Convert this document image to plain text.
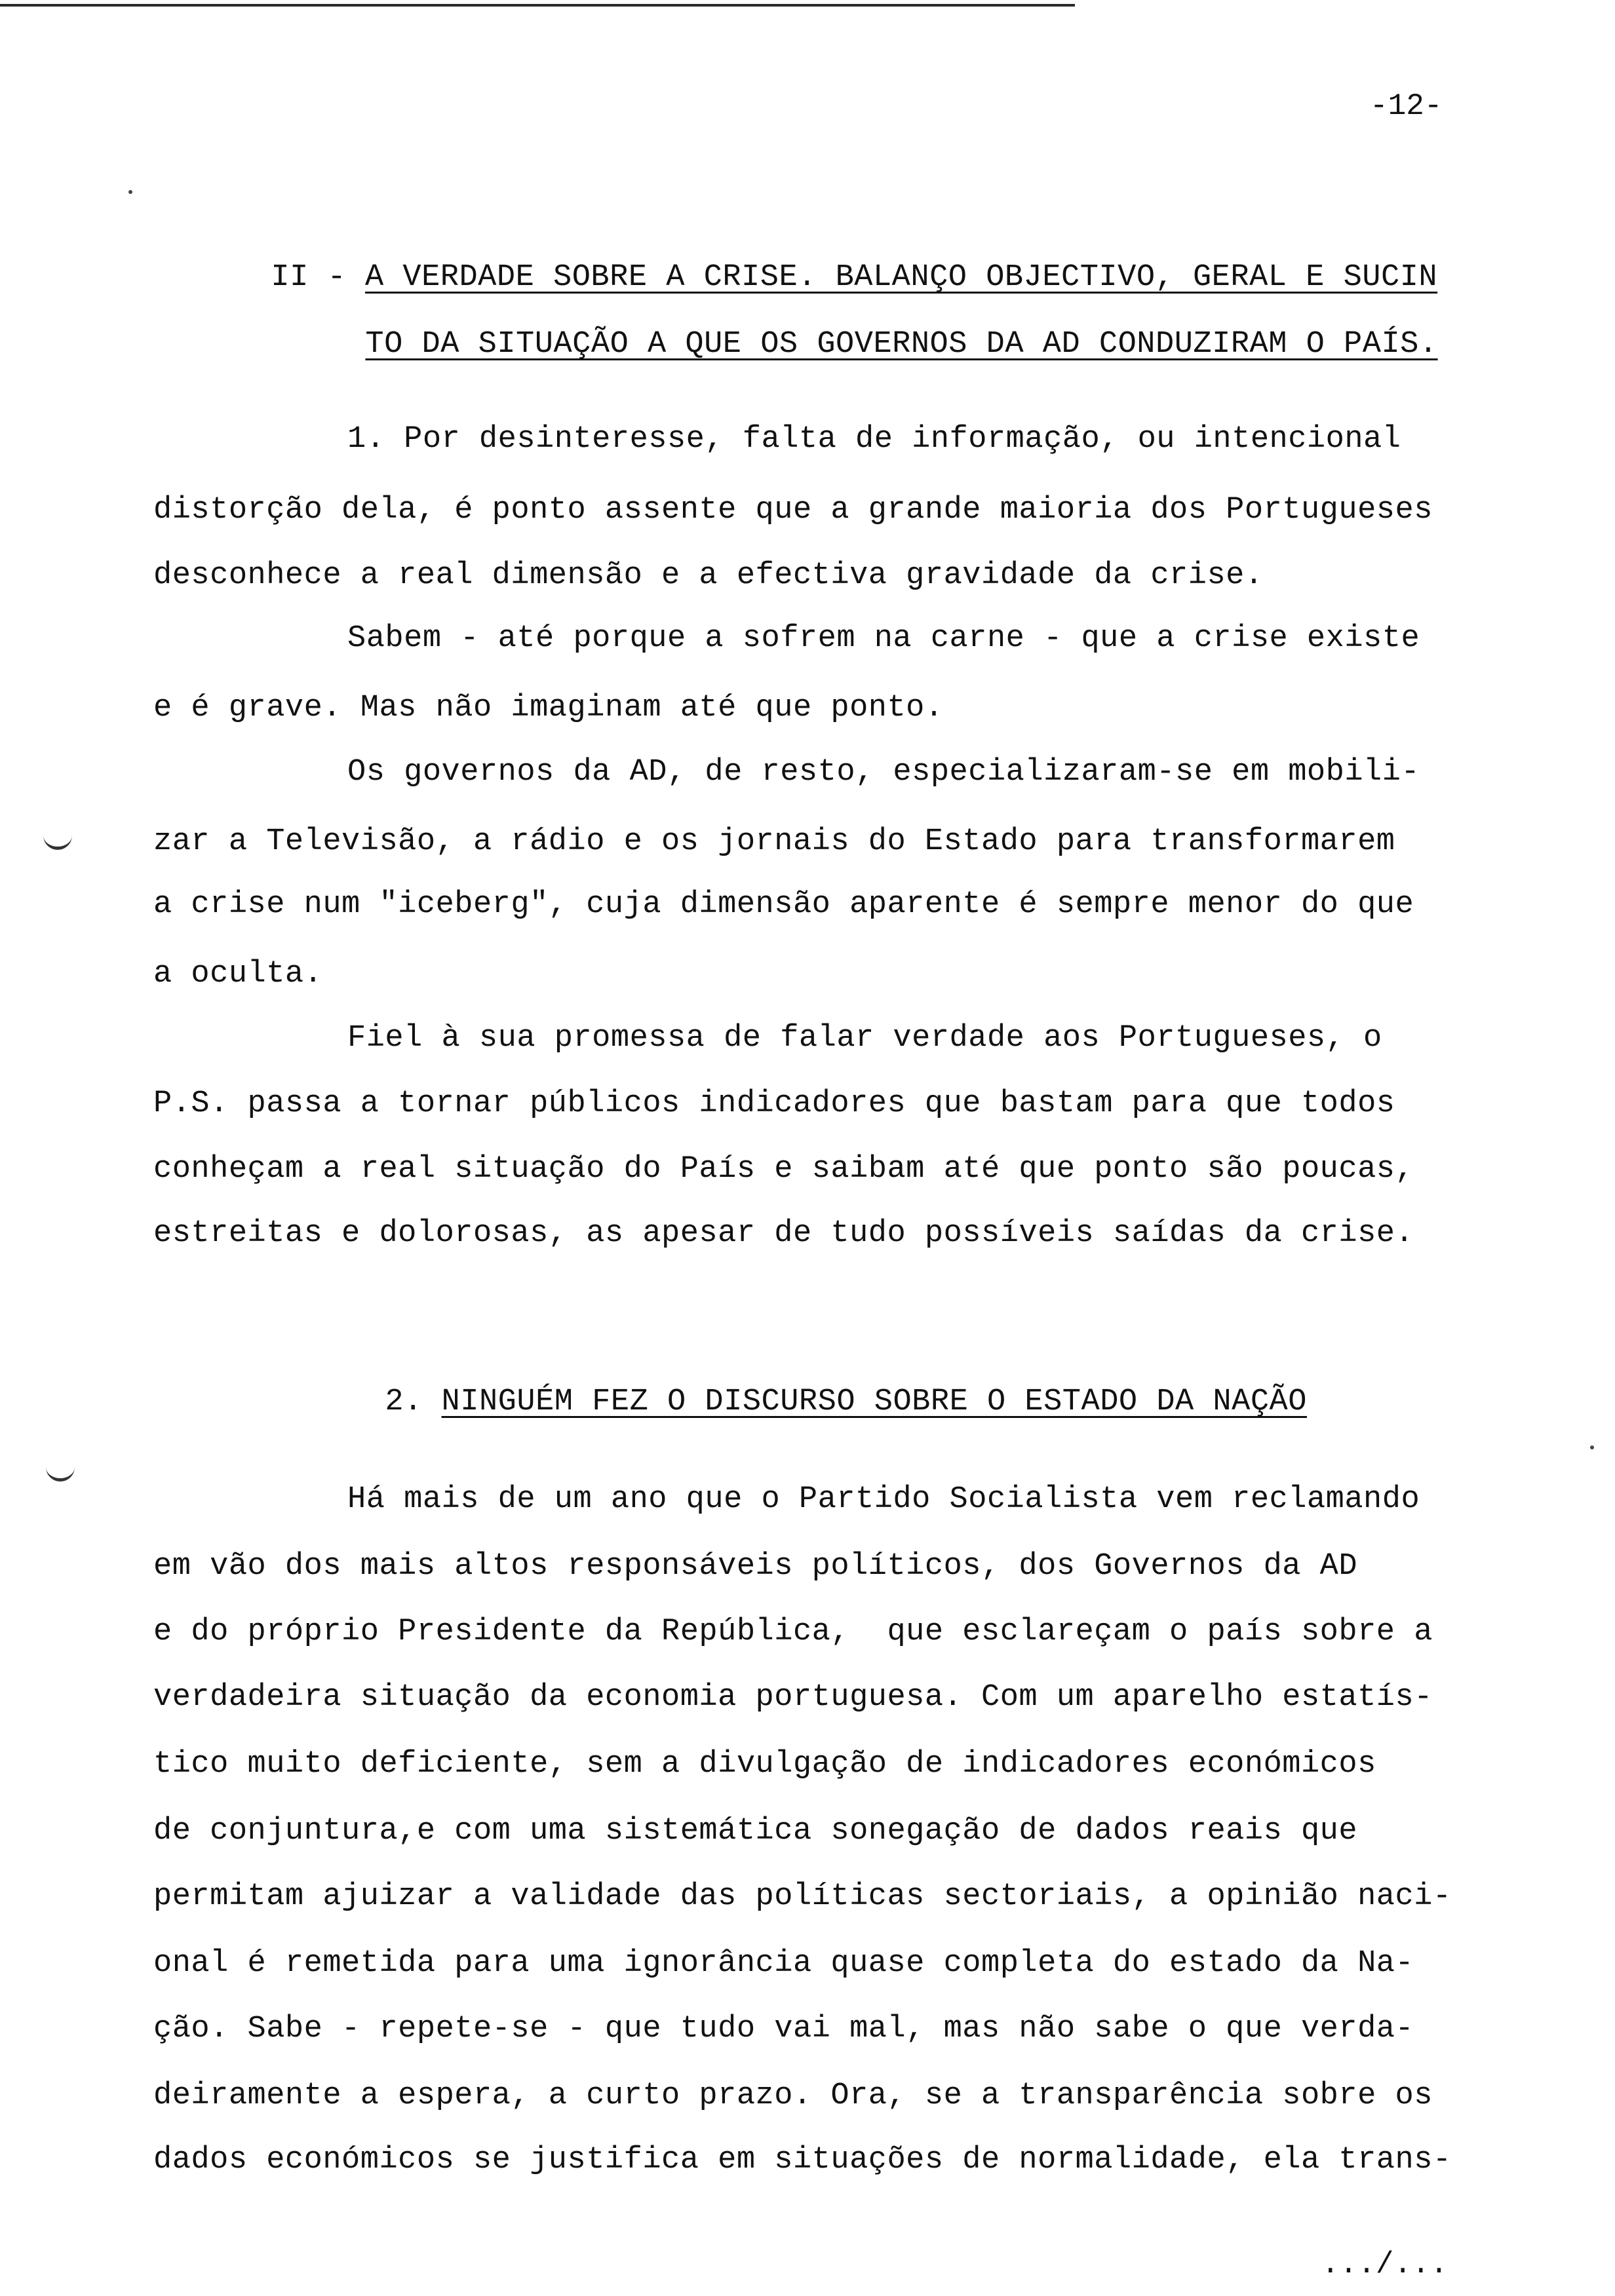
-12-

II - A VERDADE SOBRE A CRISE. BALANÇO OBJECTIVO, GERAL E SUCIN

TO DA SITUAÇÃO A QUE OS GOVERNOS DA AD CONDUZIRAM O PAÍS.

1. Por desinteresse, falta de informação, ou intencional
distorção dela, é ponto assente que a grande maioria dos Portugueses
desconhece a real dimensão e a efectiva gravidade da crise.
Sabem - até porque a sofrem na carne - que a crise existe
e é grave. Mas não imaginam até que ponto.
Os governos da AD, de resto, especializaram-se em mobili-
zar a Televisão, a rádio e os jornais do Estado para transformarem
a crise num "iceberg", cuja dimensão aparente é sempre menor do que
a oculta.
Fiel à sua promessa de falar verdade aos Portugueses, o
P.S. passa a tornar públicos indicadores que bastam para que todos
conheçam a real situação do País e saibam até que ponto são poucas,
estreitas e dolorosas, as apesar de tudo possíveis saídas da crise.

2. NINGUÉM FEZ O DISCURSO SOBRE O ESTADO DA NAÇÃO

Há mais de um ano que o Partido Socialista vem reclamando
em vão dos mais altos responsáveis políticos, dos Governos da AD
e do próprio Presidente da República,  que esclareçam o país sobre a
verdadeira situação da economia portuguesa. Com um aparelho estatís-
tico muito deficiente, sem a divulgação de indicadores económicos
de conjuntura,e com uma sistemática sonegação de dados reais que
permitam ajuizar a validade das políticas sectoriais, a opinião naci-
onal é remetida para uma ignorância quase completa do estado da Na-
ção. Sabe - repete-se - que tudo vai mal, mas não sabe o que verda-
deiramente a espera, a curto prazo. Ora, se a transparência sobre os
dados económicos se justifica em situações de normalidade, ela trans-
.../...
